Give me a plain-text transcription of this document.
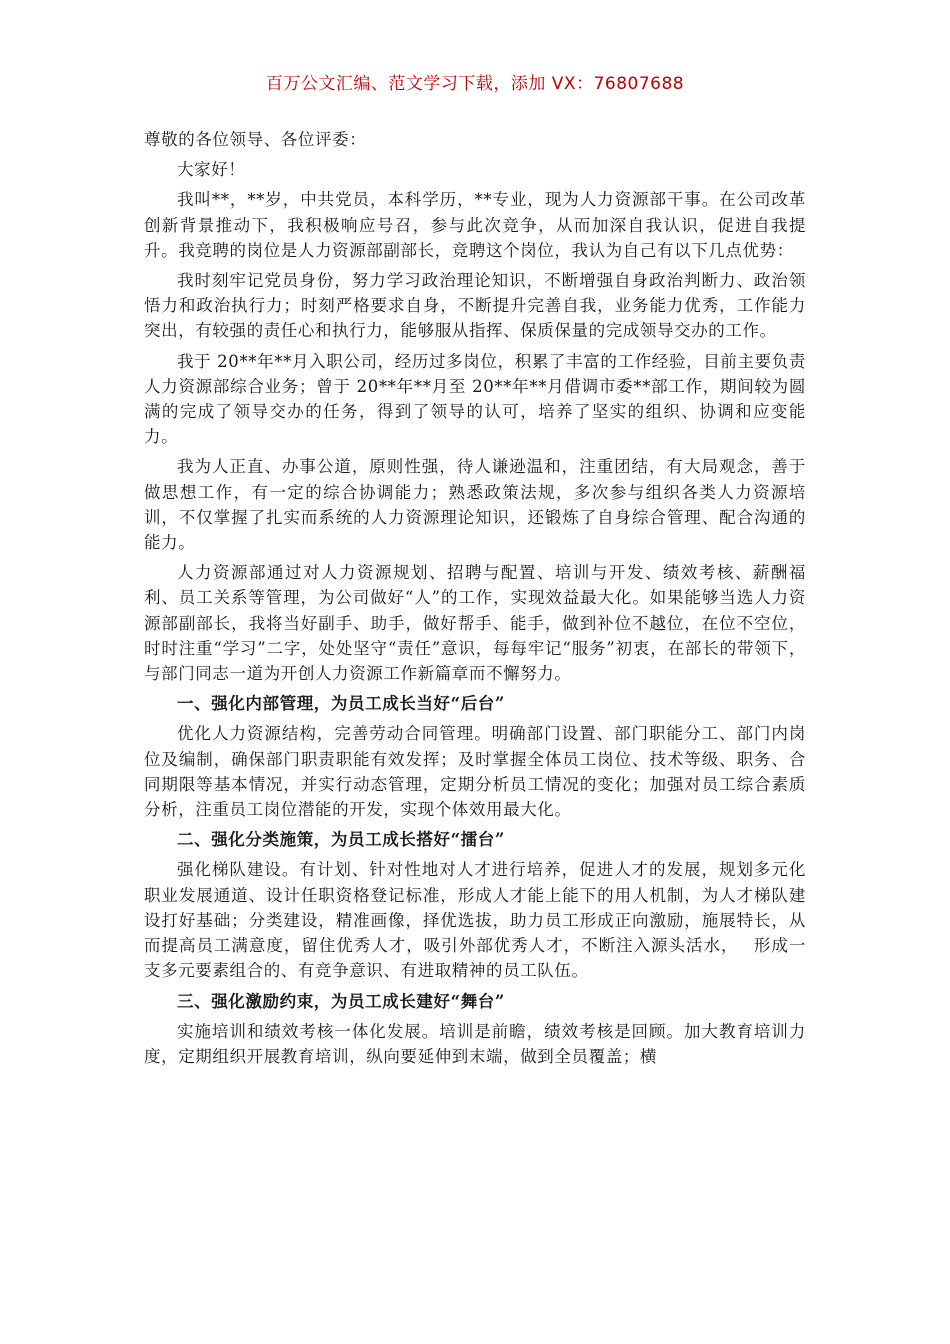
百万公文汇编、范文学习下载，添加 VX：76807688

尊敬的各位领导、各位评委：

大家好！

我叫**，**岁，中共党员，本科学历，**专业，现为人力资源部干事。在公司改革创新背景推动下，我积极响应号召，参与此次竞争，从而加深自我认识，促进自我提升。我竞聘的岗位是人力资源部副部长，竞聘这个岗位，我认为自己有以下几点优势：

我时刻牢记党员身份，努力学习政治理论知识，不断增强自身政治判断力、政治领悟力和政治执行力；时刻严格要求自身，不断提升完善自我，业务能力优秀，工作能力突出，有较强的责任心和执行力，能够服从指挥、保质保量的完成领导交办的工作。

我于 20**年**月入职公司，经历过多岗位，积累了丰富的工作经验，目前主要负责人力资源部综合业务；曾于 20**年**月至 20**年**月借调市委**部工作，期间较为圆满的完成了领导交办的任务，得到了领导的认可，培养了坚实的组织、协调和应变能力。

我为人正直、办事公道，原则性强，待人谦逊温和，注重团结，有大局观念，善于做思想工作，有一定的综合协调能力；熟悉政策法规，多次参与组织各类人力资源培训，不仅掌握了扎实而系统的人力资源理论知识，还锻炼了自身综合管理、配合沟通的能力。

人力资源部通过对人力资源规划、招聘与配置、培训与开发、绩效考核、薪酬福利、员工关系等管理，为公司做好“人”的工作，实现效益最大化。如果能够当选人力资源部副部长，我将当好副手、助手，做好帮手、能手，做到补位不越位，在位不空位，时时注重“学习”二字，处处坚守“责任”意识，每每牢记“服务”初衷，在部长的带领下，与部门同志一道为开创人力资源工作新篇章而不懈努力。

一、强化内部管理，为员工成长当好“后台”

优化人力资源结构，完善劳动合同管理。明确部门设置、部门职能分工、部门内岗位及编制，确保部门职责职能有效发挥；及时掌握全体员工岗位、技术等级、职务、合同期限等基本情况，并实行动态管理，定期分析员工情况的变化；加强对员工综合素质分析，注重员工岗位潜能的开发，实现个体效用最大化。

二、强化分类施策，为员工成长搭好“擂台”

强化梯队建设。有计划、针对性地对人才进行培养，促进人才的发展，规划多元化职业发展通道、设计任职资格登记标准，形成人才能上能下的用人机制，为人才梯队建设打好基础；分类建设，精准画像，择优选拔，助力员工形成正向激励，施展特长，从而提高员工满意度，留住优秀人才，吸引外部优秀人才，不断注入源头活水，　 形成一支多元要素组合的、有竞争意识、有进取精神的员工队伍。

三、强化激励约束，为员工成长建好“舞台”

实施培训和绩效考核一体化发展。培训是前瞻，绩效考核是回顾。加大教育培训力度，定期组织开展教育培训，纵向要延伸到末端，做到全员覆盖；横
